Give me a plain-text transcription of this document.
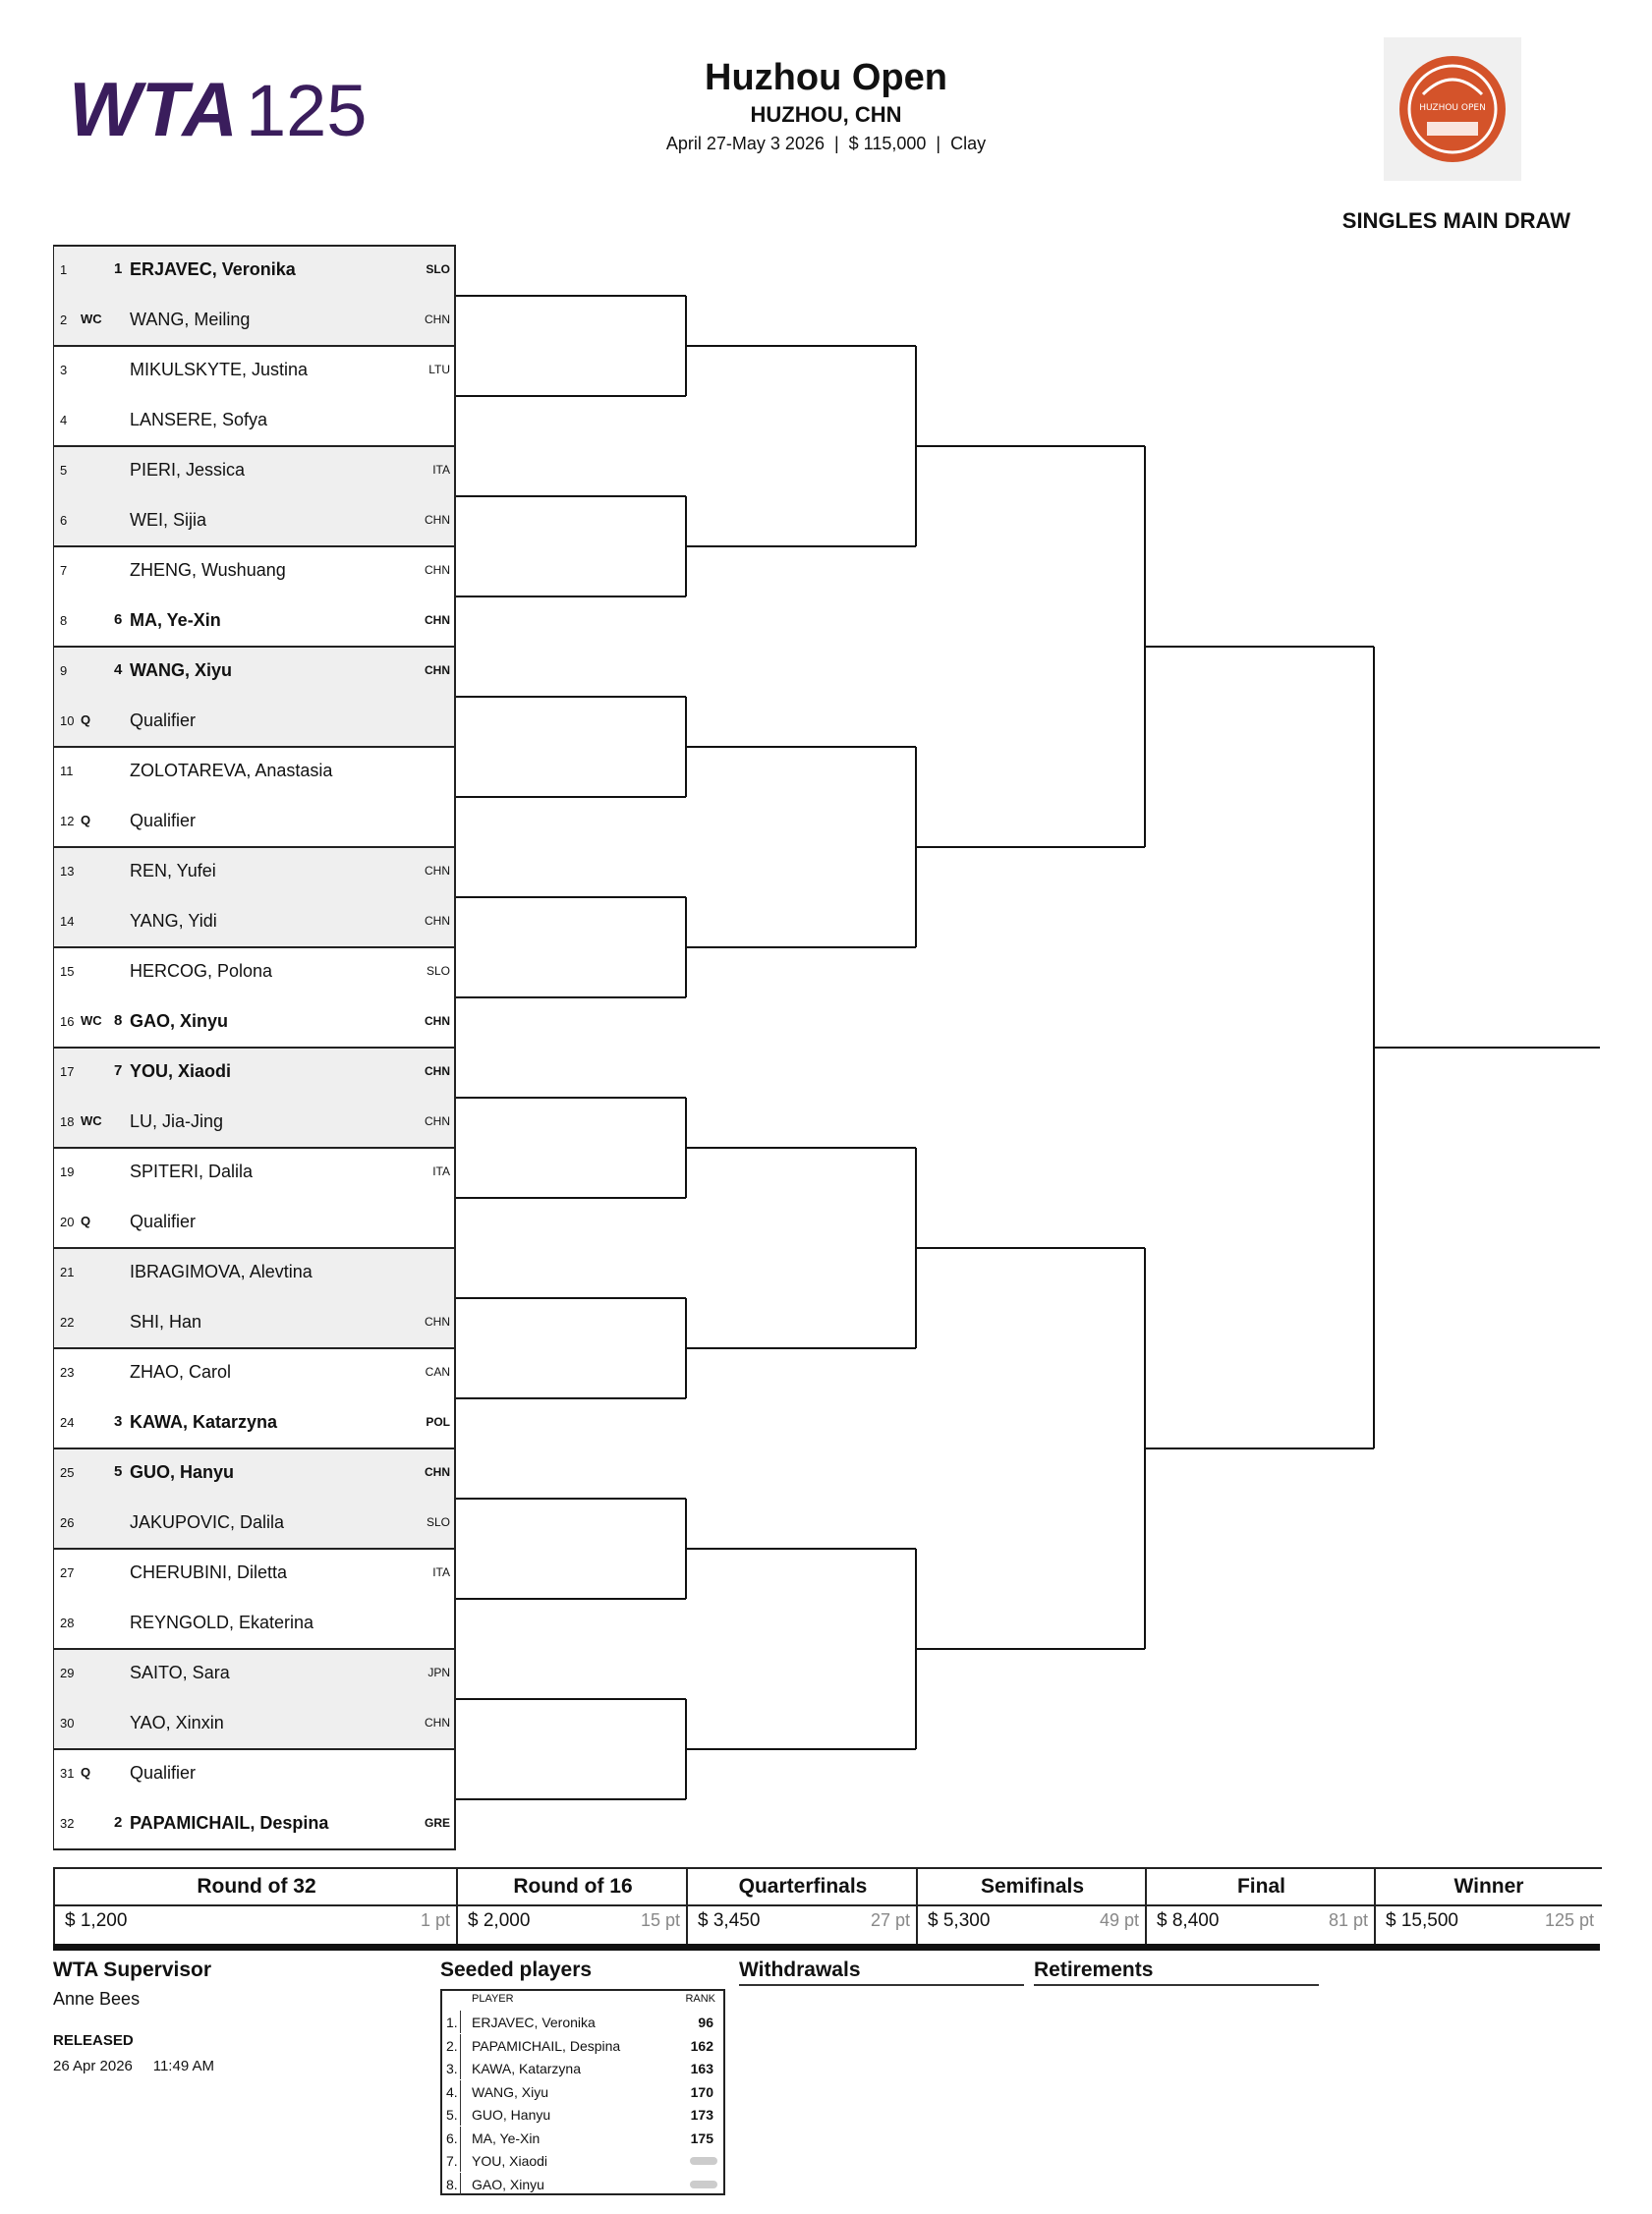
WTA 125	Huzhou Open
HUZHOU, CHN
April 27-May 3 2026  |  $ 115,000  |  Clay
HUZHOU OPEN
SINGLES MAIN DRAW
1	1 ERJAVEC, Veronika	SLO
2 WC WANG, Meiling	CHN
3	MIKULSKYTE, Justina	LTU
4	LANSERE, Sofya
5	PIERI, Jessica	ITA
6	WEI, Sijia	CHN
7	ZHENG, Wushuang	CHN
8	6 MA, Ye-Xin	CHN
9	4 WANG, Xiyu	CHN
10 Q Qualifier
11	ZOLOTAREVA, Anastasia
12 Q Qualifier
13	REN, Yufei	CHN
14	YANG, Yidi	CHN
15	HERCOG, Polona	SLO
16 WC 8 GAO, Xinyu	CHN
17	7 YOU, Xiaodi	CHN
18 WC LU, Jia-Jing	CHN
19	SPITERI, Dalila	ITA
20 Q Qualifier
21	IBRAGIMOVA, Alevtina
22	SHI, Han	CHN
23	ZHAO, Carol	CAN
24	3 KAWA, Katarzyna	POL
25	5 GUO, Hanyu	CHN
26	JAKUPOVIC, Dalila	SLO
27	CHERUBINI, Diletta	ITA
28	REYNGOLD, Ekaterina
29	SAITO, Sara	JPN
30	YAO, Xinxin	CHN
31 Q Qualifier
32	2 PAPAMICHAIL, Despina	GRE
Round of 32
$ 1,200	1 pt
Round of 16
$ 2,000	15 pt
Quarterfinals
$ 3,450	27 pt
Semifinals
$ 5,300	49 pt
Final
$ 8,400	81 pt
Winner
$ 15,500	125 pt
WTA Supervisor
Anne Bees
RELEASED
26 Apr 2026     11:49 AM
Seeded players	Withdrawals	Retirements
PLAYER	RANK
1. ERJAVEC, Veronika	96
2. PAPAMICHAIL, Despina	162
3. KAWA, Katarzyna	163
4. WANG, Xiyu	170
5. GUO, Hanyu	173
6. MA, Ye-Xin	175
7. YOU, Xiaodi
8. GAO, Xinyu
